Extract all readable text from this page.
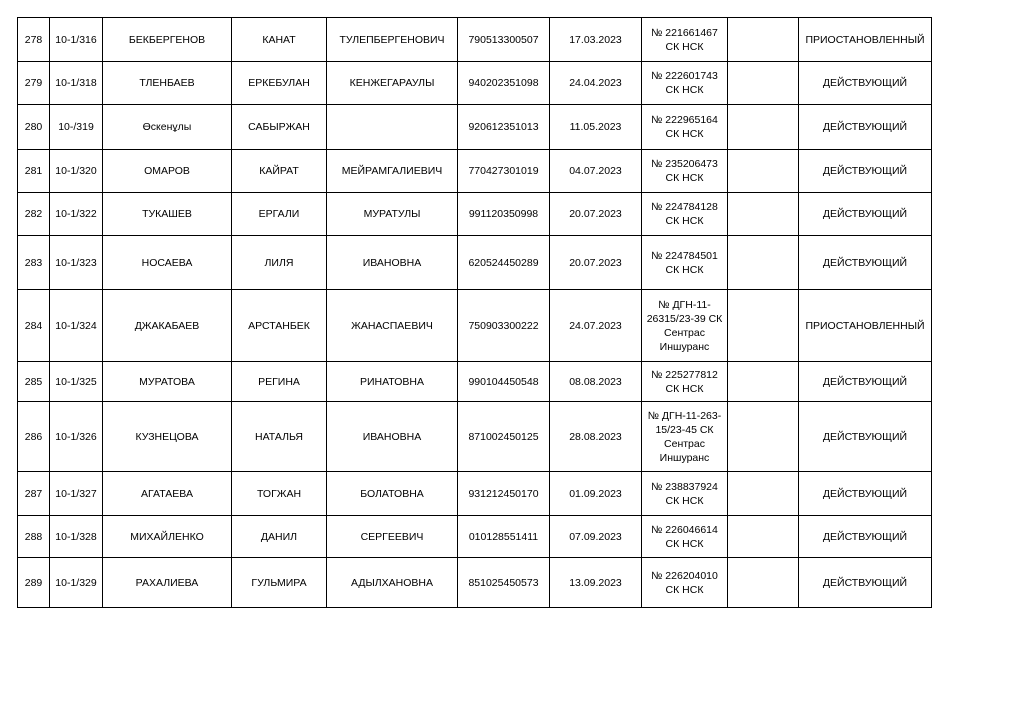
278	10-1/316	БЕКБЕРГЕНОВ	КАНАТ	ТУЛЕПБЕРГЕНОВИЧ	790513300507	17.03.2023	№ 221661467
СК НСК		ПРИОСТАНОВЛЕННЫЙ
279	10-1/318	ТЛЕНБАЕВ	ЕРКЕБУЛАН	КЕНЖЕГАРАУЛЫ	940202351098	24.04.2023	№ 222601743
СК НСК		ДЕЙСТВУЮЩИЙ
280	10-/319	Өскенұлы	САБЫРЖАН		920612351013	11.05.2023	№ 222965164
СК НСК		ДЕЙСТВУЮЩИЙ
281	10-1/320	ОМАРОВ	КАЙРАТ	МЕЙРАМГАЛИЕВИЧ	770427301019	04.07.2023	№ 235206473
СК НСК		ДЕЙСТВУЮЩИЙ
282	10-1/322	ТУКАШЕВ	ЕРГАЛИ	МУРАТУЛЫ	991120350998	20.07.2023	№ 224784128
СК НСК		ДЕЙСТВУЮЩИЙ
283	10-1/323	НОСАЕВА	ЛИЛЯ	ИВАНОВНА	620524450289	20.07.2023	№ 224784501
СК НСК		ДЕЙСТВУЮЩИЙ
284	10-1/324	ДЖАКАБАЕВ	АРСТАНБЕК	ЖАНАСПАЕВИЧ	750903300222	24.07.2023	№ ДГН-11-
26315/23-39 СК
Сентрас
Иншуранс		ПРИОСТАНОВЛЕННЫЙ
285	10-1/325	МУРАТОВА	РЕГИНА	РИНАТОВНА	990104450548	08.08.2023	№ 225277812
СК НСК		ДЕЙСТВУЮЩИЙ
286	10-1/326	КУЗНЕЦОВА	НАТАЛЬЯ	ИВАНОВНА	871002450125	28.08.2023	№ ДГН-11-263-
15/23-45 СК
Сентрас
Иншуранс		ДЕЙСТВУЮЩИЙ
287	10-1/327	АГАТАЕВА	ТОГЖАН	БОЛАТОВНА	931212450170	01.09.2023	№ 238837924
СК НСК		ДЕЙСТВУЮЩИЙ
288	10-1/328	МИХАЙЛЕНКО	ДАНИЛ	СЕРГЕЕВИЧ	010128551411	07.09.2023	№ 226046614
СК НСК		ДЕЙСТВУЮЩИЙ
289	10-1/329	РАХАЛИЕВА	ГУЛЬМИРА	АДЫЛХАНОВНА	851025450573	13.09.2023	№ 226204010
СК НСК		ДЕЙСТВУЮЩИЙ
